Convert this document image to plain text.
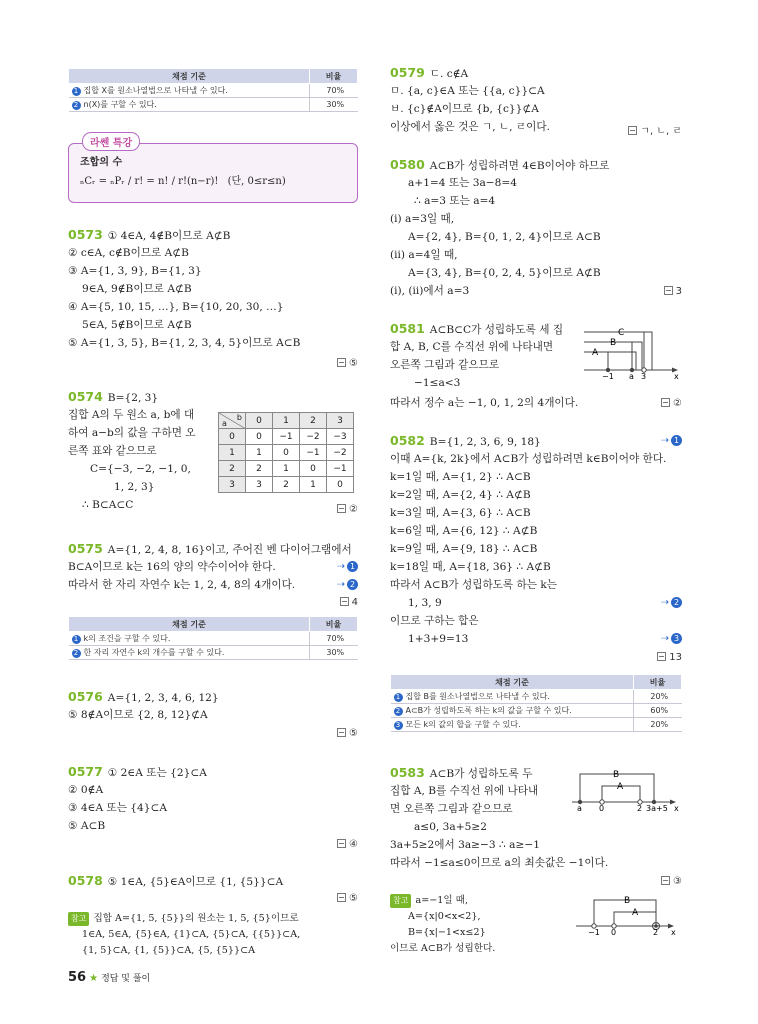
채점 기준	비율
1 집합 X를 원소나열법으로 나타낼 수 있다.	70%
2 n(X)를 구할 수 있다.	30%
라쎈 특강
조합의 수
ₙCᵣ = ₙPᵣ / r! = n! / r!(n−r)! (단, 0≤r≤n)
0573 ① 4∈A, 4∉B이므로 A⊄B
② c∈A, c∉B이므로 A⊄B
③ A={1, 3, 9}, B={1, 3}
9∈A, 9∉B이므로 A⊄B
④ A={5, 10, 15, …}, B={10, 20, 30, …}
5∈A, 5∉B이므로 A⊄B
⑤ A={1, 3, 5}, B={1, 2, 3, 4, 5}이므로 A⊂B
⑤
0574 B={2, 3}
집합 A의 두 원소 a, b에 대
하여 a−b의 값을 구하면 오
른쪽 표와 같으므로
C={−3, −2, −1, 0,
1, 2, 3}
∴ B⊂A⊂C
a
b	0	1	2	3
0	0	−1	−2	−3
1	1	0	−1	−2
2	2	1	0	−1
3	3	2	1	0
②
0575 A={1, 2, 4, 8, 16}이고, 주어진 벤 다이어그램에서
B⊂A이므로 k는 16의 양의 약수이어야 한다.	⇢ 1
따라서 한 자리 자연수 k는 1, 2, 4, 8의 4개이다.	⇢ 2
4
채점 기준	비율
1 k의 조건을 구할 수 있다.	70%
2 한 자리 자연수 k의 개수를 구할 수 있다.	30%
0576 A={1, 2, 3, 4, 6, 12}
⑤ 8∉A이므로 {2, 8, 12}⊄A
⑤
0577 ① 2∈A 또는 {2}⊂A
② 0∉A
③ 4∈A 또는 {4}⊂A
⑤ A⊂B
④
0578 ⑤ 1∈A, {5}∈A이므로 {1, {5}}⊂A
⑤
참고 집합 A={1, 5, {5}}의 원소는 1, 5, {5}이므로
1∈A, 5∈A, {5}∈A, {1}⊂A, {5}⊂A, {{5}}⊂A,
{1, 5}⊂A, {1, {5}}⊂A, {5, {5}}⊂A
0579 ㄷ. c∉A
ㅁ. {a, c}∈A 또는 {{a, c}}⊂A
ㅂ. {c}∉A이므로 {b, {c}}⊄A
이상에서 옳은 것은 ㄱ, ㄴ, ㄹ이다.	ㄱ, ㄴ, ㄹ
0580 A⊂B가 성립하려면 4∈B이어야 하므로
a+1=4 또는 3a−8=4
∴ a=3 또는 a=4
(i) a=3일 때,
A={2, 4}, B={0, 1, 2, 4}이므로 A⊂B
(ii) a=4일 때,
A={3, 4}, B={0, 2, 4, 5}이므로 A⊄B
(i), (ii)에서 a=3	3
0581 A⊂B⊂C가 성립하도록 세 집
합 A, B, C를 수직선 위에 나타내면
오른쪽 그림과 같으므로
−1≤a<3
따라서 정수 a는 −1, 0, 1, 2의 4개이다.
C
B
A
−1 a 3	x
②
0582 B={1, 2, 3, 6, 9, 18}	⇢ 1
이때 A={k, 2k}에서 A⊂B가 성립하려면 k∈B이어야 한다.
k=1일 때, A={1, 2} ∴ A⊂B
k=2일 때, A={2, 4} ∴ A⊄B
k=3일 때, A={3, 6} ∴ A⊂B
k=6일 때, A={6, 12} ∴ A⊄B
k=9일 때, A={9, 18} ∴ A⊂B
k=18일 때, A={18, 36} ∴ A⊄B
따라서 A⊂B가 성립하도록 하는 k는
1, 3, 9	⇢ 2
이므로 구하는 합은
1+3+9=13	⇢ 3
13
채점 기준	비율
1 집합 B를 원소나열법으로 나타낼 수 있다.	20%
2 A⊂B가 성립하도록 하는 k의 값을 구할 수 있다.	60%
3 모든 k의 값의 합을 구할 수 있다.	20%
0583 A⊂B가 성립하도록 두
집합 A, B를 수직선 위에 나타내
면 오른쪽 그림과 같으므로
a≤0, 3a+5≥2
3a+5≥2에서 3a≥−3 ∴ a≥−1
따라서 −1≤a≤0이므로 a의 최솟값은 −1이다.
B
A
a 0	2 3a+5 x
③
참고 a=−1일 때,
A={x|0<x<2},
B={x|−1<x≤2}
이므로 A⊂B가 성립한다.
B
A
−1 0	2 x
56 ★ 정답 및 풀이
